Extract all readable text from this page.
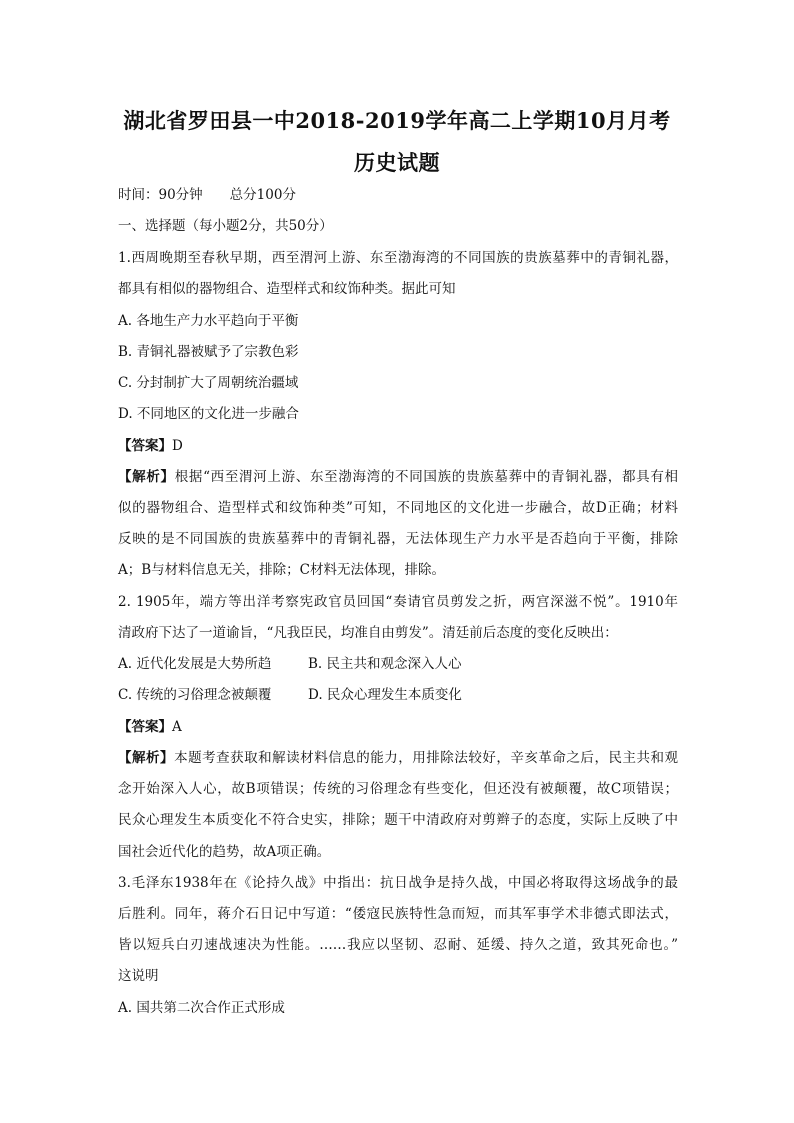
湖北省罗田县一中2018-2019学年高二上学期10月月考
历史试题
时间：90分钟　　总分100分
一、选择题（每小题2分，共50分）
1.西周晚期至春秋早期，西至渭河上游、东至渤海湾的不同国族的贵族墓葬中的青铜礼器，
都具有相似的器物组合、造型样式和纹饰种类。据此可知
A. 各地生产力水平趋向于平衡
B. 青铜礼器被赋予了宗教色彩
C. 分封制扩大了周朝统治疆域
D. 不同地区的文化进一步融合
【答案】D
【解析】根据“西至渭河上游、东至渤海湾的不同国族的贵族墓葬中的青铜礼器，都具有相
似的器物组合、造型样式和纹饰种类”可知，不同地区的文化进一步融合，故D正确；材料
反映的是不同国族的贵族墓葬中的青铜礼器，无法体现生产力水平是否趋向于平衡，排除
A；B与材料信息无关，排除；C材料无法体现，排除。
2. 1905年，端方等出洋考察宪政官员回国“奏请官员剪发之折，两宫深滋不悦”。1910年
清政府下达了一道谕旨，“凡我臣民，均准自由剪发”。清廷前后态度的变化反映出：
A. 近代化发展是大势所趋	B. 民主共和观念深入人心
C. 传统的习俗理念被颠覆	D. 民众心理发生本质变化
【答案】A
【解析】本题考查获取和解读材料信息的能力，用排除法较好，辛亥革命之后，民主共和观
念开始深入人心，故B项错误；传统的习俗理念有些变化，但还没有被颠覆，故C项错误；
民众心理发生本质变化不符合史实，排除；题干中清政府对剪辫子的态度，实际上反映了中
国社会近代化的趋势，故A项正确。
3.毛泽东1938年在《论持久战》中指出：抗日战争是持久战，中国必将取得这场战争的最
后胜利。同年，蒋介石日记中写道：“倭寇民族特性急而短，而其军事学术非德式即法式，
皆以短兵白刃速战速决为性能。……我应以坚韧、忍耐、延缓、持久之道，致其死命也。”
这说明
A. 国共第二次合作正式形成
